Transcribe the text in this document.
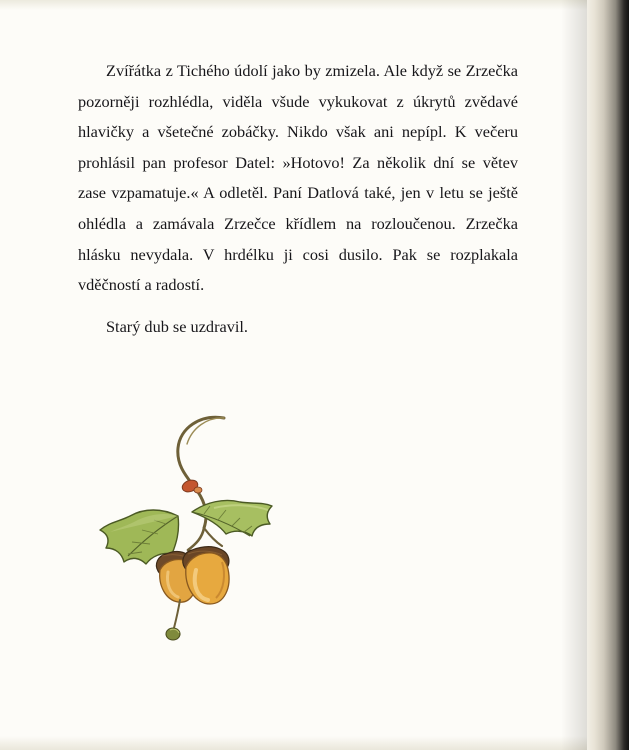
Zvířátka z Tichého údolí jako by zmizela. Ale když se Zrzečka pozorněji rozhlédla, viděla všude vykukovat z úkrytů zvědavé hlavičky a všetečné zobáčky. Nikdo však ani nepípl. K večeru prohlásil pan profesor Datel: »Hotovo! Za několik dní se větev zase vzpamatuje.« A odletěl. Paní Datlová také, jen v letu se ještě ohlédla a zamávala Zrzečce křídlem na rozloučenou. Zrzečka hlásku nevydala. V hrdélku ji cosi dusilo. Pak se rozplakala vděčností a radostí.

Starý dub se uzdravil.
